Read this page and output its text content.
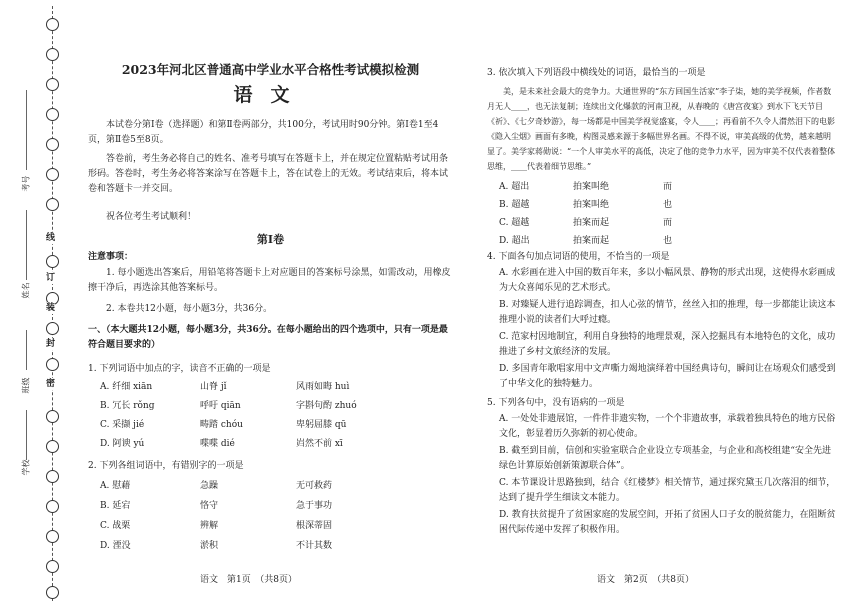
线
订
装
封
密
考号
姓名
班级
学校
2023年河北区普通高中学业水平合格性考试模拟检测
语文
本试卷分第Ⅰ卷（选择题）和第Ⅱ卷两部分，共100分，考试用时90分钟。第Ⅰ卷1至4页，第Ⅱ卷5至8页。
答卷前，考生务必将自己的姓名、准考号填写在答题卡上，并在规定位置粘贴考试用条形码。答卷时，考生务必将答案涂写在答题卡上，答在试卷上的无效。考试结束后，将本试卷和答题卡一并交回。
祝各位考生考试顺利！
第Ⅰ卷
注意事项：
1. 每小题选出答案后，用铅笔将答题卡上对应题目的答案标号涂黑，如需改动，用橡皮擦干净后，再选涂其他答案标号。
2. 本卷共12小题，每小题3分，共36分。
一、（本大题共12小题，每小题3分，共36分。在每小题给出的四个选项中，只有一项是最符合题目要求的）
1. 下列词语中加点的字，读音不正确的一项是
A. 纤细 xiān	山脊 jǐ	风雨如晦 huì
B. 冗长 rǒng	呼吁 qiān	字斟句酌 zhuó
C. 采撷 jié	畴踏 chóu	卑躬屈膝 qū
D. 阿谀 yú	喋喋 dié	岿然不前 xī
2. 下列各组词语中，有错别字的一项是
A. 慰藉	急躁	无可救药
B. 延宕	恪守	急于事功
C. 战栗	辨解	根深蒂固
D. 湮没	淤积	不计其数
语文　第1页　（共8页）
3. 依次填入下列语段中横线处的词语，最恰当的一项是
美，是未来社会最大的竞争力。大通世界的“东方回国生活家”李子柒，她的美学视频，作者数月无人____，也无法复制；连续出文化爆款的河南卫视，从春晚的《唐宫夜宴》到水下飞天节目《祈》、《七夕奇妙游》，每一场都是中国美学视觉盛宴，令人____；再看前不久令人潸然泪下的电影《隐入尘烟》画面有多晚，构图灵感来源于多幅世界名画。不得不说，审美高级的优势，越来越明显了。美学家蒋勋说：“一个人审美水平的高低，决定了他的竞争力水平，因为审美不仅代表着整体思维，____代表着细节思维。”
A. 超出	拍案叫绝	而
B. 超越	拍案叫绝	也
C. 超越	拍案而起	而
D. 超出	拍案而起	也
4. 下面各句加点词语的使用，不恰当的一项是
A. 水彩画在进入中国的数百年来，多以小幅风景、静物的形式出现，这使得水彩画成为大众喜闻乐见的艺术形式。
B. 对臻疑人进行追踪调查，扣人心弦的情节，丝丝入扣的推理，每一步都能让读这本推理小说的读者们大呼过瘾。
C. 范家村因地制宜，利用自身独特的地理景观，深入挖掘具有本地特色的文化，成功推进了乡村文旅经济的发展。
D. 多国青年歌唱家用中文声嘶力竭地演绎着中国经典诗句，瞬间让在场观众们感受到了中华文化的独特魅力。
5. 下列各句中，没有语病的一项是
A. 一处处非遗展馆，一件件非遗实物，一个个非遗故事，承载着独具特色的地方民俗文化，彰显着历久弥新的初心使命。
B. 截至到目前，信创和实验室联合企业设立专项基金，与企业和高校组建“安全先进绿色计算原始创新策源联合体”。
C. 本节课设计思路独到，结合《红楼梦》相关情节，通过探究黛玉几次落泪的细节，达到了提升学生细读文本能力。
D. 教育扶贫提升了贫困家庭的发展空间，开拓了贫困人口子女的脱贫能力，在阻断贫困代际传递中发挥了积极作用。
语文　第2页　（共8页）
